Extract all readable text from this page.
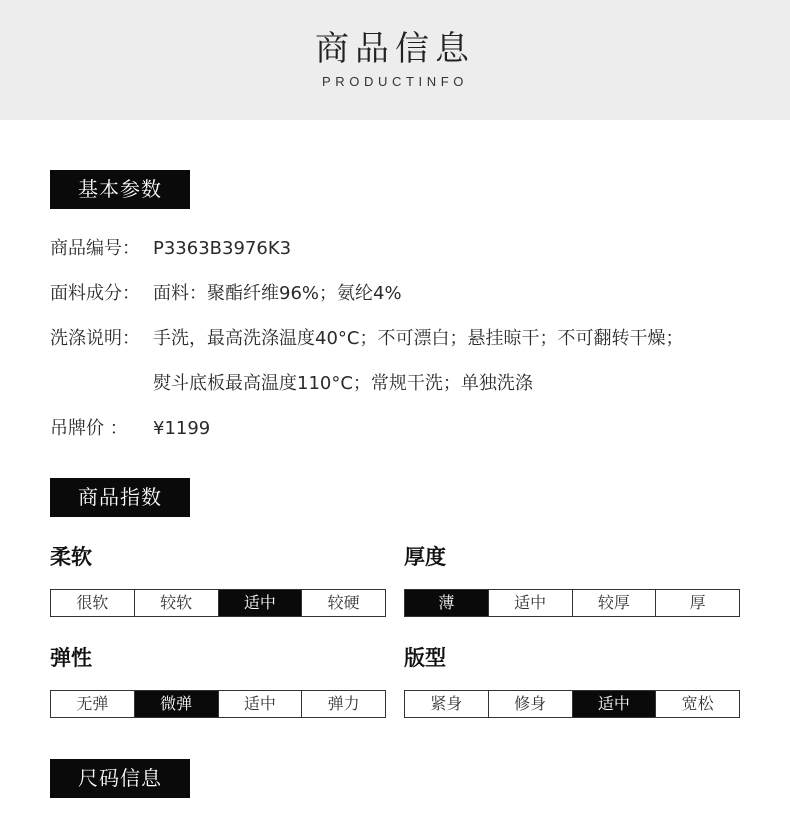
商品信息
PRODUCTINFO
基本参数
商品编号： P3363B3976K3
面料成分： 面料：聚酯纤维96%；氨纶4%
洗涤说明： 手洗，最高洗涤温度40°C；不可漂白；悬挂晾干；不可翻转干燥；
熨斗底板最高温度110°C；常规干洗；单独洗涤
吊牌价 ： ¥1199
商品指数
柔软
很软	较软	适中	较硬
厚度
薄	适中	较厚	厚
弹性
无弹	微弹	适中	弹力
版型
紧身	修身	适中	宽松
尺码信息
